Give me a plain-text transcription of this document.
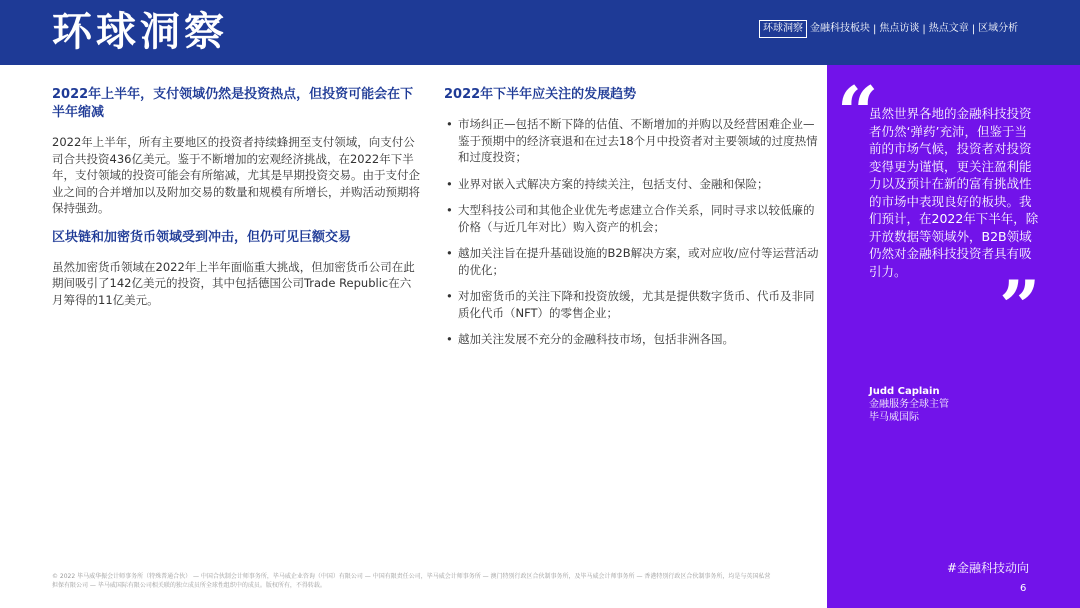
环球洞察	环球洞察 金融科技板块 | 焦点访谈 | 热点文章 | 区域分析

2022年上半年，支付领域仍然是投资热点，但投资可能会在下半年缩减

2022年上半年，所有主要地区的投资者持续蜂拥至支付领域，向支付公司合共投资436亿美元。鉴于不断增加的宏观经济挑战，在2022年下半年，支付领域的投资可能会有所缩减，尤其是早期投资交易。由于支付企业之间的合并增加以及附加交易的数量和规模有所增长，并购活动预期将保持强劲。

区块链和加密货币领域受到冲击，但仍可见巨额交易

虽然加密货币领域在2022年上半年面临重大挑战，但加密货币公司在此期间吸引了142亿美元的投资，其中包括德国公司Trade Republic在六月筹得的11亿美元。

2022年下半年应关注的发展趋势

• 市场纠正—包括不断下降的估值、不断增加的并购以及经营困难企业—鉴于预期中的经济衰退和在过去18个月中投资者对主要领域的过度热情和过度投资；
• 业界对嵌入式解决方案的持续关注，包括支付、金融和保险；
• 大型科技公司和其他企业优先考虑建立合作关系，同时寻求以较低廉的价格（与近几年对比）购入资产的机会；
• 越加关注旨在提升基础设施的B2B解决方案，或对应收/应付等运营活动的优化；
• 对加密货币的关注下降和投资放缓，尤其是提供数字货币、代币及非同质化代币（NFT）的零售企业；
• 越加关注发展不充分的金融科技市场，包括非洲各国。
“
虽然世界各地的金融科技投资者仍然‘弹药’充沛，但鉴于当前的市场气候，投资者对投资变得更为谨慎，更关注盈利能力以及预计在新的富有挑战性的市场中表现良好的板块。我们预计，在2022年下半年，除开放数据等领域外，B2B领域仍然对金融科技投资者具有吸引力。	”
Judd Caplain
金融服务全球主管
毕马威国际
#金融科技动向
6
© 2022 毕马威华振会计师事务所（特殊普通合伙） — 中国合伙制会计师事务所，毕马威企业咨询（中国）有限公司 — 中国有限责任公司，毕马威会计师事务所 — 澳门特别行政区合伙制事务所，及毕马威会计师事务所 — 香港特别行政区合伙制事务所，均是与英国私营担保有限公司 — 毕马威国际有限公司相关联的独立成员所全球性组织中的成员。版权所有，不得转载。
